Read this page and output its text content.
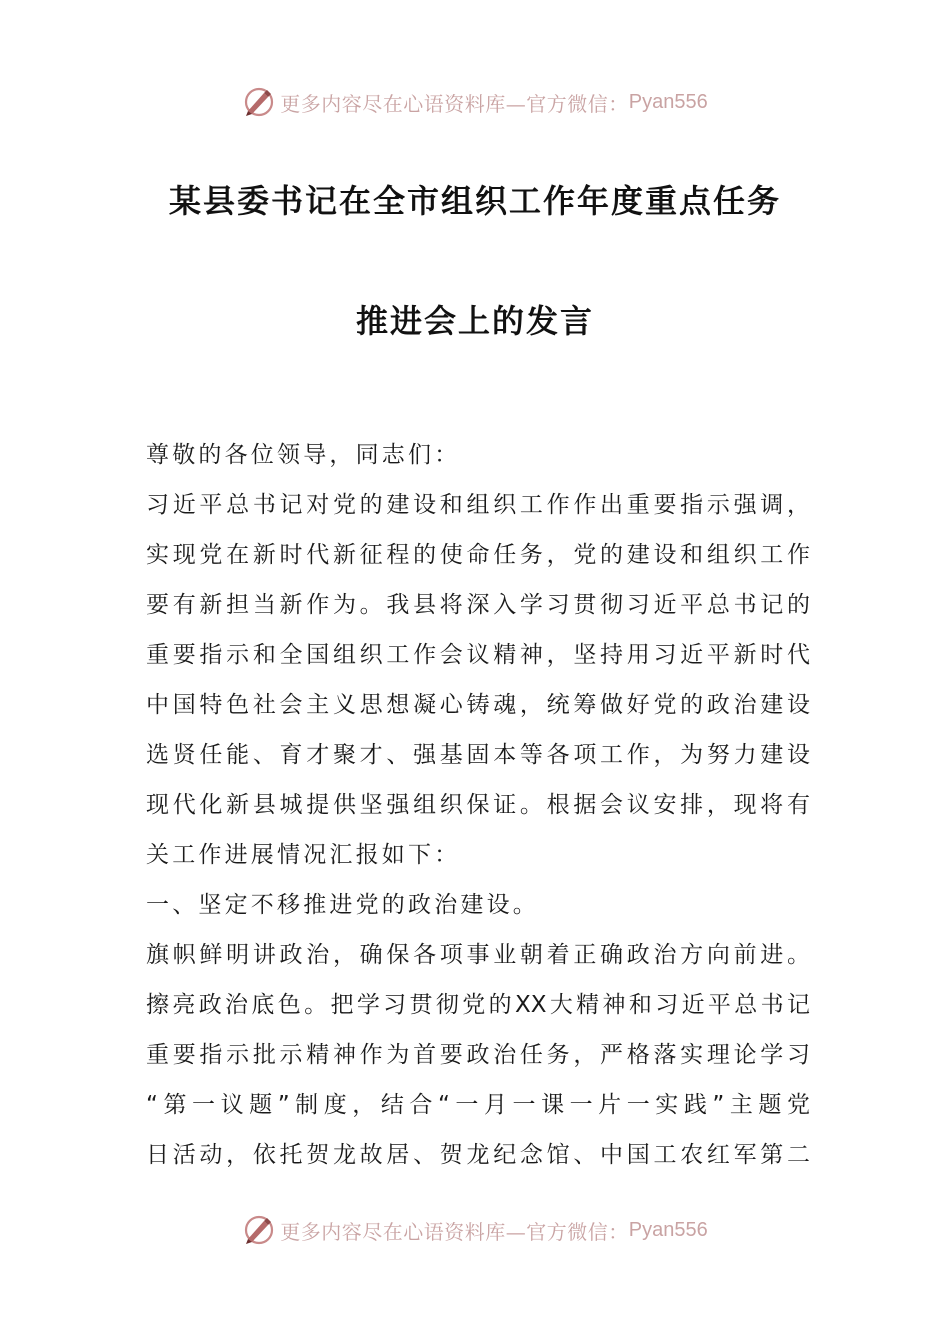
更多内容尽在心语资料库—官方微信： Pyan556
某县委书记在全市组织工作年度重点任务
推进会上的发言
尊敬的各位领导，同志们：
习近平总书记对党的建设和组织工作作出重要指示强调，
实现党在新时代新征程的使命任务，党的建设和组织工作
要有新担当新作为。我县将深入学习贯彻习近平总书记的
重要指示和全国组织工作会议精神，坚持用习近平新时代
中国特色社会主义思想凝心铸魂，统筹做好党的政治建设
选贤任能、育才聚才、强基固本等各项工作，为努力建设
现代化新县城提供坚强组织保证。根据会议安排，现将有
关工作进展情况汇报如下：
一、坚定不移推进党的政治建设。
旗帜鲜明讲政治，确保各项事业朝着正确政治方向前进。
擦亮政治底色。把学习贯彻党的XX大精神和习近平总书记
重要指示批示精神作为首要政治任务，严格落实理论学习
“第一议题”制度，结合“一月一课一片一实践”主题党
日活动，依托贺龙故居、贺龙纪念馆、中国工农红军第二
更多内容尽在心语资料库—官方微信： Pyan556
